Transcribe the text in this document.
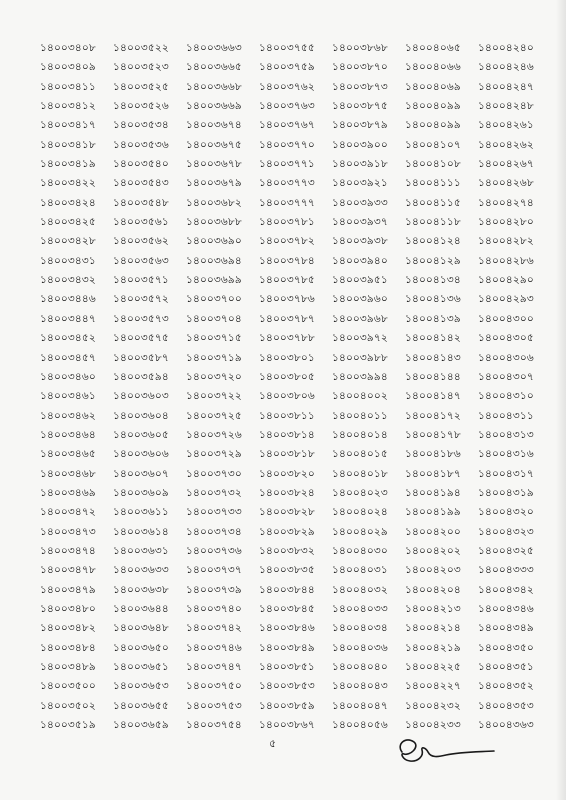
১৪০০৩৪০৮	১৪০০৩৫২২	১৪০০৩৬৬৩	১৪০০৩৭৫৫	১৪০০৩৮৬৮	১৪০০৪০৬৫	১৪০০৪২৪০
১৪০০৩৪০৯	১৪০০৩৫২৩	১৪০০৩৬৬৫	১৪০০৩৭৫৯	১৪০০৩৮৭০	১৪০০৪০৬৬	১৪০০৪২৪৬
১৪০০৩৪১১	১৪০০৩৫২৫	১৪০০৩৬৬৮	১৪০০৩৭৬২	১৪০০৩৮৭৩	১৪০০৪০৬৯	১৪০০৪২৪৭
১৪০০৩৪১২	১৪০০৩৫২৬	১৪০০৩৬৬৯	১৪০০৩৭৬৩	১৪০০৩৮৭৫	১৪০০৪০৯৯	১৪০০৪২৪৮
১৪০০৩৪১৭	১৪০০৩৫৩৪	১৪০০৩৬৭৪	১৪০০৩৭৬৭	১৪০০৩৮৭৯	১৪০০৪০৯৯	১৪০০৪২৬১
১৪০০৩৪১৮	১৪০০৩৫৩৬	১৪০০৩৬৭৫	১৪০০৩৭৭০	১৪০০৩৯০০	১৪০০৪১০৭	১৪০০৪২৬২
১৪০০৩৪১৯	১৪০০৩৫৪০	১৪০০৩৬৭৮	১৪০০৩৭৭১	১৪০০৩৯১৮	১৪০০৪১০৮	১৪০০৪২৬৭
১৪০০৩৪২২	১৪০০৩৫৪৩	১৪০০৩৬৭৯	১৪০০৩৭৭৩	১৪০০৩৯২১	১৪০০৪১১১	১৪০০৪২৬৮
১৪০০৩৪২৪	১৪০০৩৫৪৮	১৪০০৩৬৮২	১৪০০৩৭৭৭	১৪০০৩৯৩৩	১৪০০৪১১৫	১৪০০৪২৭৪
১৪০০৩৪২৫	১৪০০৩৫৬১	১৪০০৩৬৮৮	১৪০০৩৭৮১	১৪০০৩৯৩৭	১৪০০৪১১৮	১৪০০৪২৮০
১৪০০৩৪২৮	১৪০০৩৫৬২	১৪০০৩৬৯০	১৪০০৩৭৮২	১৪০০৩৯৩৮	১৪০০৪১২৪	১৪০০৪২৮২
১৪০০৩৪৩১	১৪০০৩৫৬৩	১৪০০৩৬৯৪	১৪০০৩৭৮৪	১৪০০৩৯৪০	১৪০০৪১২৯	১৪০০৪২৮৬
১৪০০৩৪৩২	১৪০০৩৫৭১	১৪০০৩৬৯৯	১৪০০৩৭৮৫	১৪০০৩৯৫১	১৪০০৪১৩৪	১৪০০৪২৯০
১৪০০৩৪৪৬	১৪০০৩৫৭২	১৪০০৩৭০০	১৪০০৩৭৮৬	১৪০০৩৯৬০	১৪০০৪১৩৬	১৪০০৪২৯৩
১৪০০৩৪৪৭	১৪০০৩৫৭৩	১৪০০৩৭০৪	১৪০০৩৭৮৭	১৪০০৩৯৬৮	১৪০০৪১৩৯	১৪০০৪৩০০
১৪০০৩৪৫২	১৪০০৩৫৭৫	১৪০০৩৭১৫	১৪০০৩৭৮৮	১৪০০৩৯৭২	১৪০০৪১৪২	১৪০০৪৩০৫
১৪০০৩৪৫৭	১৪০০৩৫৮৭	১৪০০৩৭১৯	১৪০০৩৮০১	১৪০০৩৯৮৮	১৪০০৪১৪৩	১৪০০৪৩০৬
১৪০০৩৪৬০	১৪০০৩৫৯৪	১৪০০৩৭২০	১৪০০৩৮০৫	১৪০০৩৯৯৪	১৪০০৪১৪৪	১৪০০৪৩০৭
১৪০০৩৪৬১	১৪০০৩৬০৩	১৪০০৩৭২২	১৪০০৩৮০৬	১৪০০৪০০২	১৪০০৪১৪৭	১৪০০৪৩১০
১৪০০৩৪৬২	১৪০০৩৬০৪	১৪০০৩৭২৫	১৪০০৩৮১১	১৪০০৪০১১	১৪০০৪১৭২	১৪০০৪৩১১
১৪০০৩৪৬৪	১৪০০৩৬০৫	১৪০০৩৭২৬	১৪০০৩৮১৪	১৪০০৪০১৪	১৪০০৪১৭৮	১৪০০৪৩১৩
১৪০০৩৪৬৫	১৪০০৩৬০৬	১৪০০৩৭২৯	১৪০০৩৮১৮	১৪০০৪০১৫	১৪০০৪১৮৬	১৪০০৪৩১৬
১৪০০৩৪৬৮	১৪০০৩৬০৭	১৪০০৩৭৩০	১৪০০৩৮২০	১৪০০৪০১৮	১৪০০৪১৮৭	১৪০০৪৩১৭
১৪০০৩৪৬৯	১৪০০৩৬০৯	১৪০০৩৭৩২	১৪০০৩৮২৪	১৪০০৪০২৩	১৪০০৪১৯৪	১৪০০৪৩১৯
১৪০০৩৪৭২	১৪০০৩৬১১	১৪০০৩৭৩৩	১৪০০৩৮২৮	১৪০০৪০২৪	১৪০০৪১৯৯	১৪০০৪৩২০
১৪০০৩৪৭৩	১৪০০৩৬১৪	১৪০০৩৭৩৪	১৪০০৩৮২৯	১৪০০৪০২৯	১৪০০৪২০০	১৪০০৪৩২৩
১৪০০৩৪৭৪	১৪০০৩৬৩১	১৪০০৩৭৩৬	১৪০০৩৮৩২	১৪০০৪০৩০	১৪০০৪২০২	১৪০০৪৩২৫
১৪০০৩৪৭৮	১৪০০৩৬৩৩	১৪০০৩৭৩৭	১৪০০৩৮৩৫	১৪০০৪০৩১	১৪০০৪২০৩	১৪০০৪৩৩৩
১৪০০৩৪৭৯	১৪০০৩৬৩৮	১৪০০৩৭৩৯	১৪০০৩৮৪৪	১৪০০৪০৩২	১৪০০৪২০৪	১৪০০৪৩৪২
১৪০০৩৪৮০	১৪০০৩৬৪৪	১৪০০৩৭৪০	১৪০০৩৮৪৫	১৪০০৪০৩৩	১৪০০৪২১৩	১৪০০৪৩৪৬
১৪০০৩৪৮২	১৪০০৩৬৪৮	১৪০০৩৭৪২	১৪০০৩৮৪৬	১৪০০৪০৩৪	১৪০০৪২১৪	১৪০০৪৩৪৯
১৪০০৩৪৮৪	১৪০০৩৬৫০	১৪০০৩৭৪৬	১৪০০৩৮৪৯	১৪০০৪০৩৬	১৪০০৪২১৯	১৪০০৪৩৫০
১৪০০৩৪৮৯	১৪০০৩৬৫১	১৪০০৩৭৪৭	১৪০০৩৮৫১	১৪০০৪০৪০	১৪০০৪২২৫	১৪০০৪৩৫১
১৪০০৩৫০০	১৪০০৩৬৫৩	১৪০০৩৭৫০	১৪০০৩৮৫৩	১৪০০৪০৪৩	১৪০০৪২২৭	১৪০০৪৩৫২
১৪০০৩৫০২	১৪০০৩৬৫৫	১৪০০৩৭৫৩	১৪০০৩৮৫৯	১৪০০৪০৪৭	১৪০০৪২৩২	১৪০০৪৩৫৩
১৪০০৩৫১৯	১৪০০৩৬৫৯	১৪০০৩৭৫৪	১৪০০৩৮৬৭	১৪০০৪০৫৬	১৪০০৪২৩৩	১৪০০৪৩৬৩
৫
